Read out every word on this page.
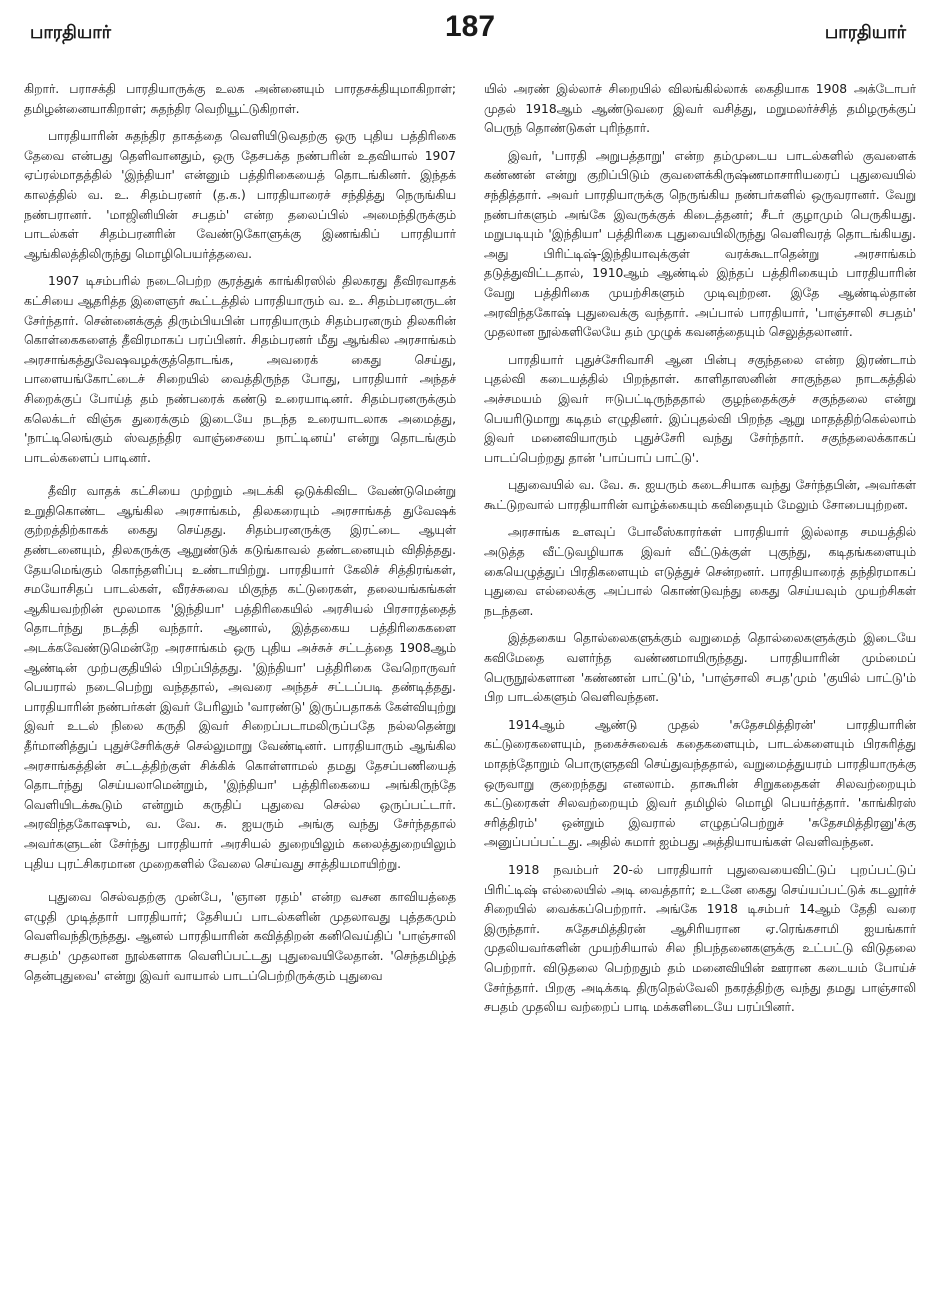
பாரதியார்	187	பாரதியார்

கிறார். பராசக்தி பாரதியாருக்கு உலக அன்னையும் பாரதசக்தியுமாகிறாள்; தமிழன்னையாகிறாள்; சுதந்திர வெறியூட்டுகிறாள்.

பாரதியாரின் சுதந்திர தாகத்தை வெளியிடுவதற்கு ஒரு புதிய பத்திரிகை தேவை என்பது தெளிவானதும், ஒரு தேசபக்த நண்பரின் உதவியால் 1907 ஏப்ரல்மாதத்தில் 'இந்தியா' என்னும் பத்திரிகையைத் தொடங்கினர். இந்தக் காலத்தில் வ. உ. சிதம்பரனர் (த.க.) பாரதியாரைச் சந்தித்து நெருங்கிய நண்பரானர். 'மாஜினியின் சபதம்' என்ற தலைப்பில் அமைந்திருக்கும் பாடல்கள் சிதம்பரனரின் வேண்டுகோளுக்கு இணங்கிப் பாரதியார் ஆங்கிலத்திலிருந்து மொழிபெயர்த்தவை.

1907 டிசம்பரில் நடைபெற்ற சூரத்துக் காங்கிரஸில் திலகரது தீவிரவாதக் கட்சியை ஆதரித்த இளைஞர் கூட்டத்தில் பாரதியாரும் வ. உ. சிதம்பரனருடன் சேர்ந்தார். சென்னைக்குத் திரும்பியபின் பாரதியாரும் சிதம்பரனரும் திலகரின் கொள்கைகளைத் தீவிரமாகப் பரப்பினர். சிதம்பரனர் மீது ஆங்கில அரசாங்கம் அரசாங்கத்துவேஷவழக்குத்தொடங்க, அவரைக் கைது செய்து, பாளையங்கோட்டைச் சிறையில் வைத்திருந்த போது, பாரதியார் அந்தச் சிறைக்குப் போய்த் தம் நண்பரைக் கண்டு உரையாடினர். சிதம்பரனருக்கும் கலெக்டர் விஞ்சு துரைக்கும் இடையே நடந்த உரையாடலாக அமைத்து, 'நாட்டிலெங்கும் ஸ்வதந்திர வாஞ்சையை நாட்டினய்' என்று தொடங்கும் பாடல்களைப் பாடினர்.

தீவிர வாதக் கட்சியை முற்றும் அடக்கி ஒடுக்கிவிட வேண்டுமென்று உறுதிகொண்ட ஆங்கில அரசாங்கம், திலகரையும் அரசாங்கத் துவேஷக் குற்றத்திற்காகக் கைது செய்தது. சிதம்பரனருக்கு இரட்டை ஆயுள் தண்டனையும், திலகருக்கு ஆறுண்டுக் கடுங்காவல் தண்டனையும் விதித்தது. தேயமெங்கும் கொந்தளிப்பு உண்டாயிற்று. பாரதியார் கேலிச் சித்திரங்கள், சமயோசிதப் பாடல்கள், வீரச்சுவை மிகுந்த கட்டுரைகள், தலையங்கங்கள் ஆகியவற்றின் மூலமாக 'இந்தியா' பத்திரிகையில் அரசியல் பிரசாரத்தைத் தொடர்ந்து நடத்தி வந்தார். ஆனால், இத்தகைய பத்திரிகைகளை அடக்கவேண்டுமென்றே அரசாங்கம் ஒரு புதிய அச்சுச் சட்டத்தை 1908ஆம் ஆண்டின் முற்பகுதியில் பிறப்பித்தது. 'இந்தியா' பத்திரிகை வேறொருவர் பெயரால் நடைபெற்று வந்ததால், அவரை அந்தச் சட்டப்படி தண்டித்தது. பாரதியாரின் நண்பர்கள் இவர் பேரிலும் 'வாரண்டு' இருப்பதாகக் கேள்வியுற்று இவர் உடல் நிலை கருதி இவர் சிறைப்படாமலிருப்பதே நல்லதென்று தீர்மானித்துப் புதுச்சேரிக்குச் செல்லுமாறு வேண்டினர். பாரதியாரும் ஆங்கில அரசாங்கத்தின் சட்டத்திற்குள் சிக்கிக் கொள்ளாமல் தமது தேசப்பணியைத் தொடர்ந்து செய்யலாமென்றும், 'இந்தியா' பத்திரிகையை அங்கிருந்தே வெளியிடக்கூடும் என்றும் கருதிப் புதுவை செல்ல ஒருப்பட்டார். அரவிந்தகோஷும், வ. வே. சு. ஐயரும் அங்கு வந்து சேர்ந்ததால் அவர்களுடன் சேர்ந்து பாரதியார் அரசியல் துறையிலும் கலைத்துறையிலும் புதிய புரட்சிகரமான முறைகளில் வேலை செய்வது சாத்தியமாயிற்று.

புதுவை செல்வதற்கு முன்பே, 'ஞான ரதம்' என்ற வசன காவியத்தை எழுதி முடித்தார் பாரதியார்; தேசியப் பாடல்களின் முதலாவது புத்தகமும் வெளிவந்திருந்தது. ஆனல் பாரதியாரின் கவித்திறன் கனிவெய்திப் 'பாஞ்சாலி சபதம்' முதலான நூல்களாக வெளிப்பட்டது புதுவையிலேதான். 'செந்தமிழ்த் தென்புதுவை' என்று இவர் வாயால் பாடப்பெற்றிருக்கும் புதுவை

யில் அரண் இல்லாச் சிறையில் விலங்கில்லாக் கைதியாக 1908 அக்டோபர் முதல் 1918ஆம் ஆண்டுவரை இவர் வசித்து, மறுமலர்ச்சித் தமிழருக்குப் பெருந் தொண்டுகள் புரிந்தார்.

இவர், 'பாரதி அறுபத்தாறு' என்ற தம்முடைய பாடல்களில் குவளைக் கண்ணன் என்று குறிப்பிடும் குவளைக்கிருஷ்ணமாசாரியரைப் புதுவையில் சந்தித்தார். அவர் பாரதியாருக்கு நெருங்கிய நண்பர்களில் ஒருவரானர். வேறு நண்பர்களும் அங்கே இவருக்குக் கிடைத்தனர்; சீடர் குழாமும் பெருகியது. மறுபடியும் 'இந்தியா' பத்திரிகை புதுவையிலிருந்து வெளிவரத் தொடங்கியது. அது பிரிட்டிஷ்-இந்தியாவுக்குள் வரக்கூடாதென்று அரசாங்கம் தடுத்துவிட்டதால், 1910ஆம் ஆண்டில் இந்தப் பத்திரிகையும் பாரதியாரின் வேறு பத்திரிகை முயற்சிகளும் முடிவுற்றன. இதே ஆண்டில்தான் அரவிந்தகோஷ் புதுவைக்கு வந்தார். அப்பால் பாரதியார், 'பாஞ்சாலி சபதம்' முதலான நூல்களிலேயே தம் முழுக் கவனத்தையும் செலுத்தலானர்.

பாரதியார் புதுச்சேரிவாசி ஆன பின்பு சகுந்தலை என்ற இரண்டாம் புதல்வி கடையத்தில் பிறந்தாள். காளிதாஸனின் சாகுந்தல நாடகத்தில் அச்சமயம் இவர் ஈடுபட்டிருந்ததால் குழந்தைக்குச் சகுந்தலை என்று பெயரிடுமாறு கடிதம் எழுதினர். இப்புதல்வி பிறந்த ஆறு மாதத்திற்கெல்லாம் இவர் மனைவியாரும் புதுச்சேரி வந்து சேர்ந்தார். சகுந்தலைக்காகப் பாடப்பெற்றது தான் 'பாப்பாப் பாட்டு'.

புதுவையில் வ. வே. சு. ஐயரும் கடைசியாக வந்து சேர்ந்தபின், அவர்கள் கூட்டுறவால் பாரதியாரின் வாழ்க்கையும் கவிதையும் மேலும் சோபையுற்றன.

அரசாங்க உளவுப் போலீஸ்காரர்கள் பாரதியார் இல்லாத சமயத்தில் அடுத்த வீட்டுவழியாக இவர் வீட்டுக்குள் புகுந்து, கடிதங்களையும் கையெழுத்துப் பிரதிகளையும் எடுத்துச் சென்றனர். பாரதியாரைத் தந்திரமாகப் புதுவை எல்லைக்கு அப்பால் கொண்டுவந்து கைது செய்யவும் முயற்சிகள் நடந்தன.

இத்தகைய தொல்லைகளுக்கும் வறுமைத் தொல்லைகளுக்கும் இடையே கவிமேதை வளர்ந்த வண்ணமாயிருந்தது. பாரதியாரின் மும்மைப் பெருநூல்களான 'கண்ணன் பாட்டு'ம், 'பாஞ்சாலி சபத'மும் 'குயில் பாட்டு'ம் பிற பாடல்களும் வெளிவந்தன.

1914ஆம் ஆண்டு முதல் 'சுதேசமித்திரன்' பாரதியாரின் கட்டுரைகளையும், நகைச்சுவைக் கதைகளையும், பாடல்களையும் பிரசுரித்து மாதந்தோறும் பொருளுதவி செய்துவந்ததால், வறுமைத்துயரம் பாரதியாருக்கு ஒருவாறு குறைந்தது எனலாம். தாகூரின் சிறுகதைகள் சிலவற்றையும் கட்டுரைகள் சிலவற்றையும் இவர் தமிழில் மொழி பெயர்த்தார். 'காங்கிரஸ் சரித்திரம்' ஒன்றும் இவரால் எழுதப்பெற்றுச் 'சுதேசமித்திரனு'க்கு அனுப்பப்பட்டது. அதில் சுமார் ஐம்பது அத்தியாயங்கள் வெளிவந்தன.

1918 நவம்பர் 20-ல் பாரதியார் புதுவையைவிட்டுப் புறப்பட்டுப் பிரிட்டிஷ் எல்லையில் அடி வைத்தார்; உடனே கைது செய்யப்பட்டுக் கடலூர்ச் சிறையில் வைக்கப்பெற்றார். அங்கே 1918 டிசம்பர் 14ஆம் தேதி வரை இருந்தார். சுதேசமித்திரன் ஆசிரியரான ஏ.ரெங்கசாமி ஐயங்கார் முதலியவர்களின் முயற்சியால் சில நிபந்தனைகளுக்கு உட்பட்டு விடுதலை பெற்றார். விடுதலை பெற்றதும் தம் மனைவியின் ஊரான கடையம் போய்ச் சேர்ந்தார். பிறகு அடிக்கடி திருநெல்வேலி நகரத்திற்கு வந்து தமது பாஞ்சாலி சபதம் முதலிய வற்றைப் பாடி மக்களிடையே பரப்பினர்.
